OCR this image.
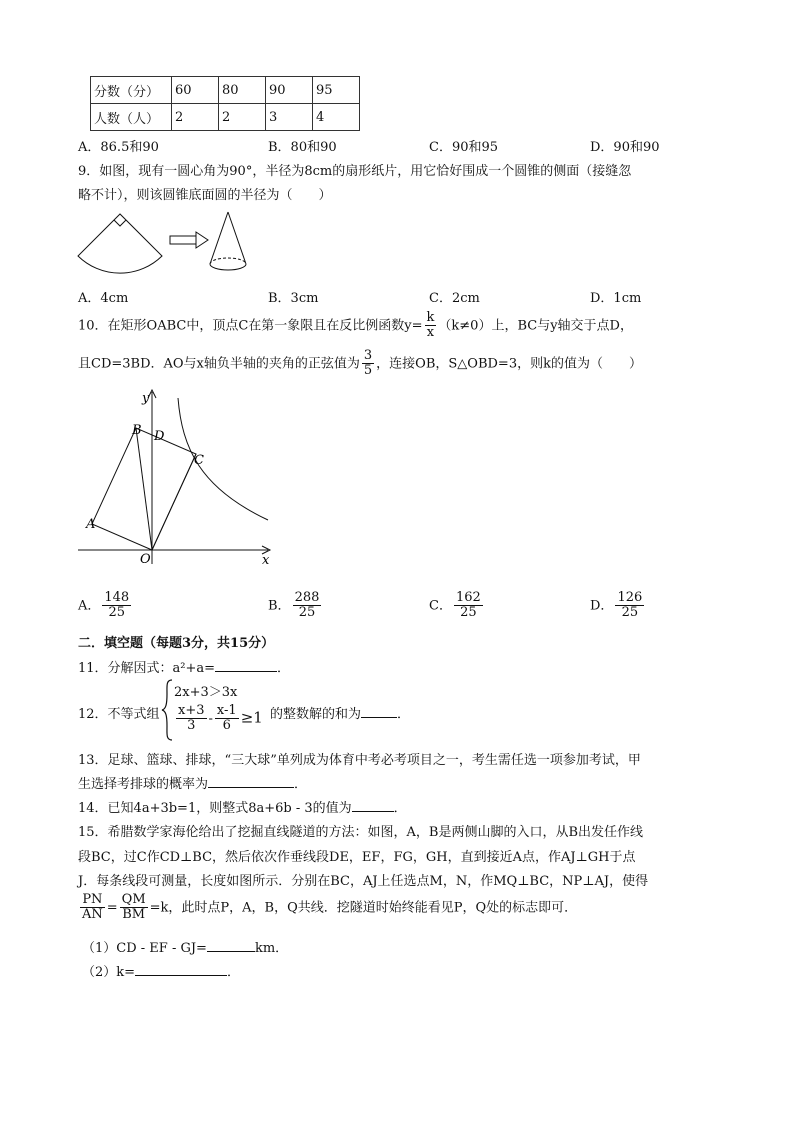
分数（分）	60	80	90	95
人数（人）	2	2	3	4
A．86.5和90	B．80和90	C．90和95	D．90和90
9．如图，现有一圆心角为90°，半径为8cm的扇形纸片，用它恰好围成一个圆锥的侧面（接缝忽
略不计），则该圆锥底面圆的半径为（　　）
A．4cm	B．3cm	C．2cm	D．1cm
10．在矩形OABC中，顶点C在第一象限且在反比例函数$y= \frac{k}{x} (k\ne 0)$上，BC与y轴交于点D，
且CD=3BD．AO与x轴负半轴的夹角的正弦值为 $\frac{3}{5}$ ，连接OB，S△OBD=3，则k的值为（　　）
y
x
B D
C
A
O
A． $\frac{148}{25}$	B． $\frac{288}{25}$	C． $\frac{162}{25}$	D． $\frac{126}{25}$
二．填空题（每题3分，共15分）
11．分解因式：a²+a=	．
12．不等式组
2x+3＞3x
$\frac{x+3}{3} - \frac{x-1}{6} \ge 1$ 的整数解的和为	．
13．足球、篮球、排球，“三大球”单列成为体育中考必考项目之一，考生需任选一项参加考试，甲
生选择考排球的概率为	．
14．已知4a+3b=1，则整式8a+6b - 3的值为	．
15．希腊数学家海伦给出了挖掘直线隧道的方法：如图，A，B是两侧山脚的入口，从B出发任作线
段BC，过C作CD⊥BC，然后依次作垂线段DE，EF，FG，GH，直到接近A点，作AJ⊥GH于点
J．每条线段可测量，长度如图所示．分别在BC，AJ上任选点M，N，作MQ⊥BC，NP⊥AJ，使得
$\frac{PN}{AN} = \frac{QM}{BM} =k$，此时点P，A，B，Q共线．挖隧道时始终能看见P，Q处的标志即可．
（1）CD - EF - GJ=	km．
（2）k=	．
